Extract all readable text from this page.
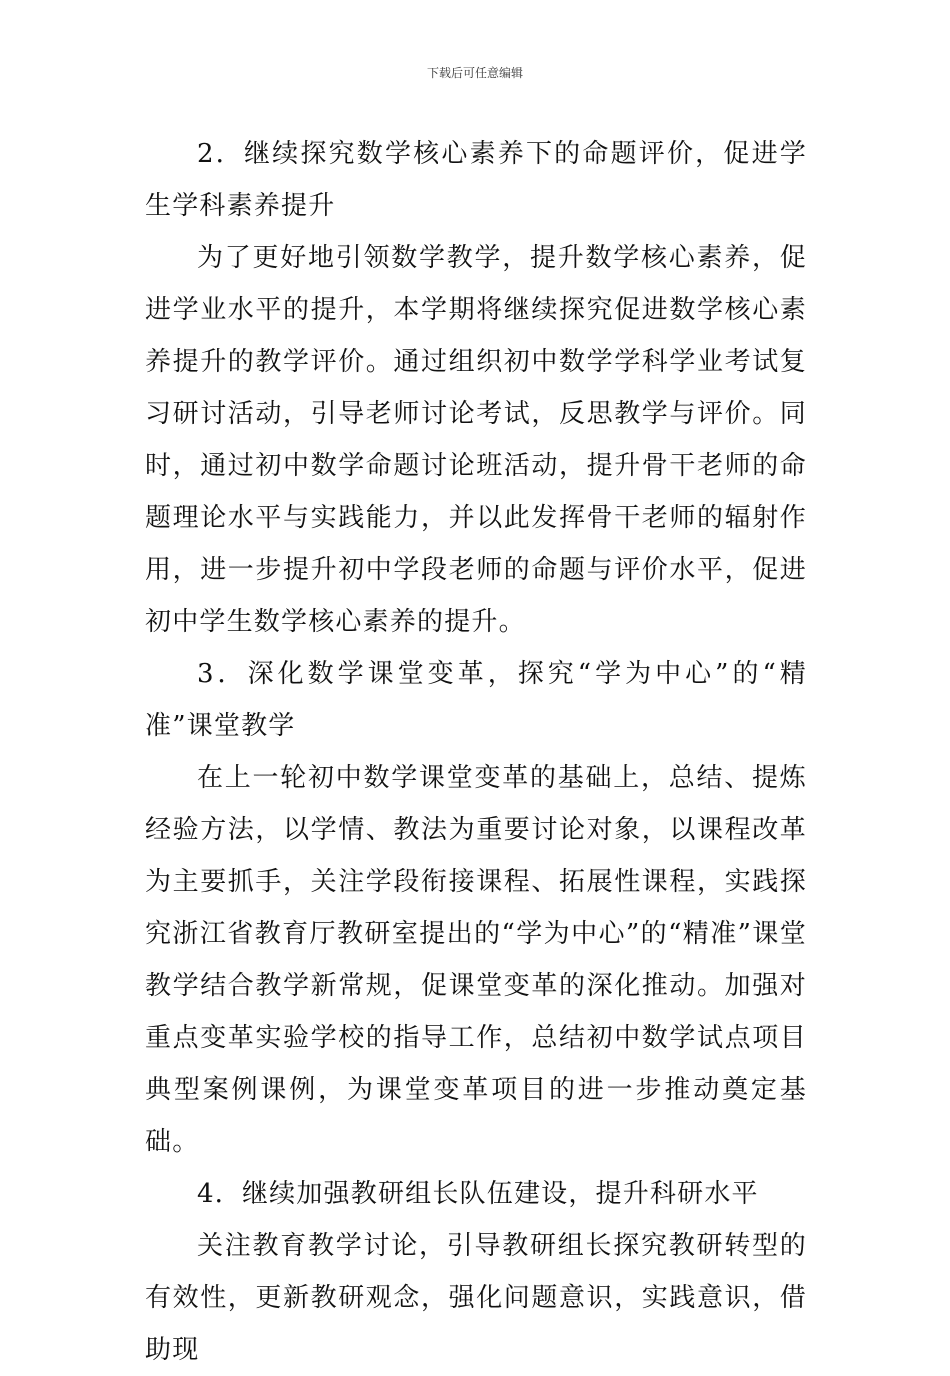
下载后可任意编辑

2．继续探究数学核心素养下的命题评价，促进学生学科素养提升

为了更好地引领数学教学，提升数学核心素养，促进学业水平的提升，本学期将继续探究促进数学核心素养提升的教学评价。通过组织初中数学学科学业考试复习研讨活动，引导老师讨论考试，反思教学与评价。同时，通过初中数学命题讨论班活动，提升骨干老师的命题理论水平与实践能力，并以此发挥骨干老师的辐射作用，进一步提升初中学段老师的命题与评价水平，促进初中学生数学核心素养的提升。

3．深化数学课堂变革，探究“学为中心”的“精准”课堂教学

在上一轮初中数学课堂变革的基础上，总结、提炼经验方法，以学情、教法为重要讨论对象，以课程改革为主要抓手，关注学段衔接课程、拓展性课程，实践探究浙江省教育厅教研室提出的“学为中心”的“精准”课堂教学结合教学新常规，促课堂变革的深化推动。加强对重点变革实验学校的指导工作，总结初中数学试点项目典型案例课例，为课堂变革项目的进一步推动奠定基础。

4．继续加强教研组长队伍建设，提升科研水平

关注教育教学讨论，引导教研组长探究教研转型的有效性，更新教研观念，强化问题意识，实践意识，借助现
